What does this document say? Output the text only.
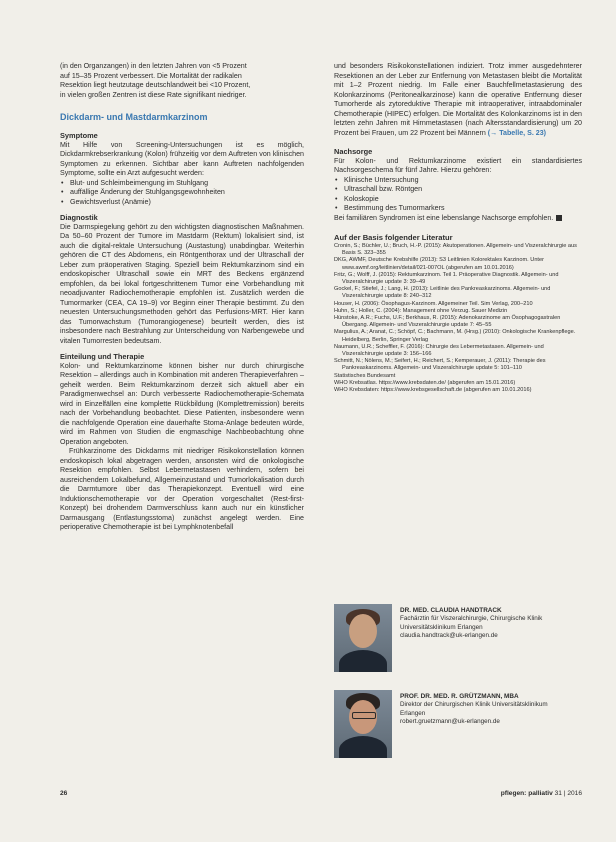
(in den Organzangen) in den letzten Jahren von <5 Prozent

auf 15–35 Prozent verbessert. Die Mortalität der radikalen

Resektion liegt heutzutage deutschlandweit bei <10 Prozent,

in vielen großen Zentren ist diese Rate signifikant niedriger.

Dickdarm- und Mastdarmkarzinom
Symptome

Mit Hilfe von Screening-Untersuchungen ist es möglich, Dickdarmkrebserkrankung (Kolon) frühzeitig vor dem Auftreten von klinischen Symptomen zu erkennen. Sichtbar aber kann Auftreten nachfolgenden Symptome, sollte ein Arzt aufgesucht werden:

• Blut- und Schleimbeimengung im Stuhlgang
• auffällige Änderung der Stuhlgangsgewohnheiten
• Gewichtsverlust (Anämie)
Diagnostik

Die Darmspiegelung gehört zu den wichtigsten diagnostischen Maßnahmen. Da 50–60 Prozent der Tumore im Mastdarm (Rektum) lokalisiert sind, ist auch die digital-rektale Untersuchung (Austastung) unabdingbar. Weiterhin gehören die CT des Abdomens, ein Röntgenthorax und der Ultraschall der Leber zum präoperativen Staging. Speziell beim Rektumkarzinom sind ein endoskopischer Ultraschall sowie ein MRT des Beckens ergänzend empfohlen, da bei lokal fortgeschrittenem Tumor eine Vorbehandlung mit neoadjuvanter Radiochemotherapie empfohlen ist. Zusätzlich werden die Tumormarker (CEA, CA 19–9) vor Beginn einer Therapie bestimmt. Zu den neuesten Untersuchungsmethoden gehört das Perfusions-MRT. Hier kann das Tumorwachstum (Tumorangiogenese) beurteilt werden, dies ist insbesondere nach Bestrahlung zur Unterscheidung von Narbengewebe und vitalen Tumorresten bedeutsam.

Einteilung und Therapie

Kolon- und Rektumkarzinome können bisher nur durch chirurgische Resektion – allerdings auch in Kombination mit anderen Therapieverfahren – geheilt werden. Beim Rektumkarzinom derzeit sich aktuell aber ein Paradigmenwechsel an: Durch verbesserte Radiochemotherapie-Schemata wird in Einzelfällen eine komplette Rückbildung (Komplettremission) bereits nach der Vorbehandlung beobachtet. Diese Patienten, insbesondere wenn die nachfolgende Operation eine dauerhafte Stoma-Anlage bedeuten würde, wird im Rahmen von Studien die engmaschige Nachbeobachtung ohne Operation angeboten.

Frühkarzinome des Dickdarms mit niedriger Risikokonstellation können endoskopisch lokal abgetragen werden, ansonsten wird die onkologische Resektion empfohlen. Selbst Lebermetastasen verhindern, sofern bei ausreichendem Lokalbefund, Allgemeinzustand und Tumorlokalisation durch die Darmtumore über das Therapiekonzept. Eventuell wird eine Induktionschemotherapie vor der Operation vorgeschaltet (Rest-first-Konzept) bei drohendem Darmverschluss kann auch nur ein künstlicher Darmausgang (Entlastungsstoma) zunächst angelegt werden. Eine perioperative Chemotherapie ist bei Lymphknotenbefall

und besonders Risikokonstellationen indiziert. Trotz immer ausgedehnterer Resektionen an der Leber zur Entfernung von Metastasen bleibt die Mortalität mit 1–2 Prozent niedrig. Im Falle einer Bauchfellmetastasierung des Kolonkarzinoms (Peritonealkarzinose) kann die operative Entfernung dieser Tumorherde als zytoreduktive Therapie mit intraoperativer, intraabdominaler Chemotherapie (HIPEC) erfolgen. Die Mortalität des Kolonkarzinoms ist in den letzten zehn Jahren mit Hirnmetastasen (nach Altersstandardisierung) um 20 Prozent bei Frauen, um 22 Prozent bei Männern (→ Tabelle, S. 23)

Nachsorge

Für Kolon- und Rektumkarzinome existiert ein standardisiertes Nachsorgeschema für fünf Jahre. Hierzu gehören:

• Klinische Untersuchung
• Ultraschall bzw. Röntgen
• Koloskopie
• Bestimmung des Tumormarkers

Bei familiären Syndromen ist eine lebenslange Nachsorge empfohlen.

Auf der Basis folgender Literatur

Cronin, S.; Büchler, U.; Bruch, H.-P. (2015): Akutoperationen. Allgemein- und Viszeralchirurgie aus Basis S. 323–355

DKG, AWMF, Deutsche Krebshilfe (2013): S3 Leitlinien Kolorektales Karzinom. Unter www.awmf.org/leitlinien/detail/021-007OL (abgerufen am 10.01.2016)

Fritz, G.; Wolff, J. (2015): Rektumkarzinom. Teil 1. Präoperative Diagnostik. Allgemein- und Viszeralchirurgie update 3: 39–49

Gockel, F.; Stiefel, J.; Lang, H. (2013): Leitlinie des Pankreaskarzinoms. Allgemein- und Viszeralchirurgie update 8: 240–312

Houser, H. (2006): Ösophagus-Karzinom. Allgemeiner Teil. Sim Verlag, 200–210

Huhn, S.; Holler, C. (2004): Management ohne Verzug. Sauer Medizin

Hünstoke, A.R.; Fuchs, U.F.; Berkhaus, R. (2015): Adenokarzinome am Ösophagogastralen Übergang. Allgemein- und Viszeralchirurgie update 7: 45–55

Margulius, A.; Aranat, C.; Schöpf, C.; Bachmann, M. (Hrsg.) (2010): Onkologische Krankenpflege. Heidelberg, Berlin, Springer Verlag

Naumann, U.R.; Scheffler, F. (2016): Chirurgie des Lebermetastasen. Allgemein- und Viszeralchirurgie update 3: 156–166

Schmitt, N.; Nölens, M.; Seifert, H.; Reichert, S.; Kemperauer, J. (2011): Therapie des Pankreaskarzinoms. Allgemein- und Viszeralchirurgie update 5: 101–110

Statistisches Bundesamt

WHO Krebsatlas. https://www.krebsdaten.de/ (abgerufen am 15.01.2016)

WHO Krebsdaten: https://www.krebsgesellschaft.de (abgerufen am 10.01.2016)

DR. MED. CLAUDIA HANDTRACK
Fachärztin für Viszeralchirurgie, Chirurgische Klinik
Universitätsklinikum Erlangen
claudia.handtrack@uk-erlangen.de
PROF. DR. MED. R. GRÜTZMANN, MBA
Direktor der Chirurgischen Klinik Universitätsklinikum
Erlangen
robert.gruetzmann@uk-erlangen.de
26	pflegen: palliativ 31 | 2016
